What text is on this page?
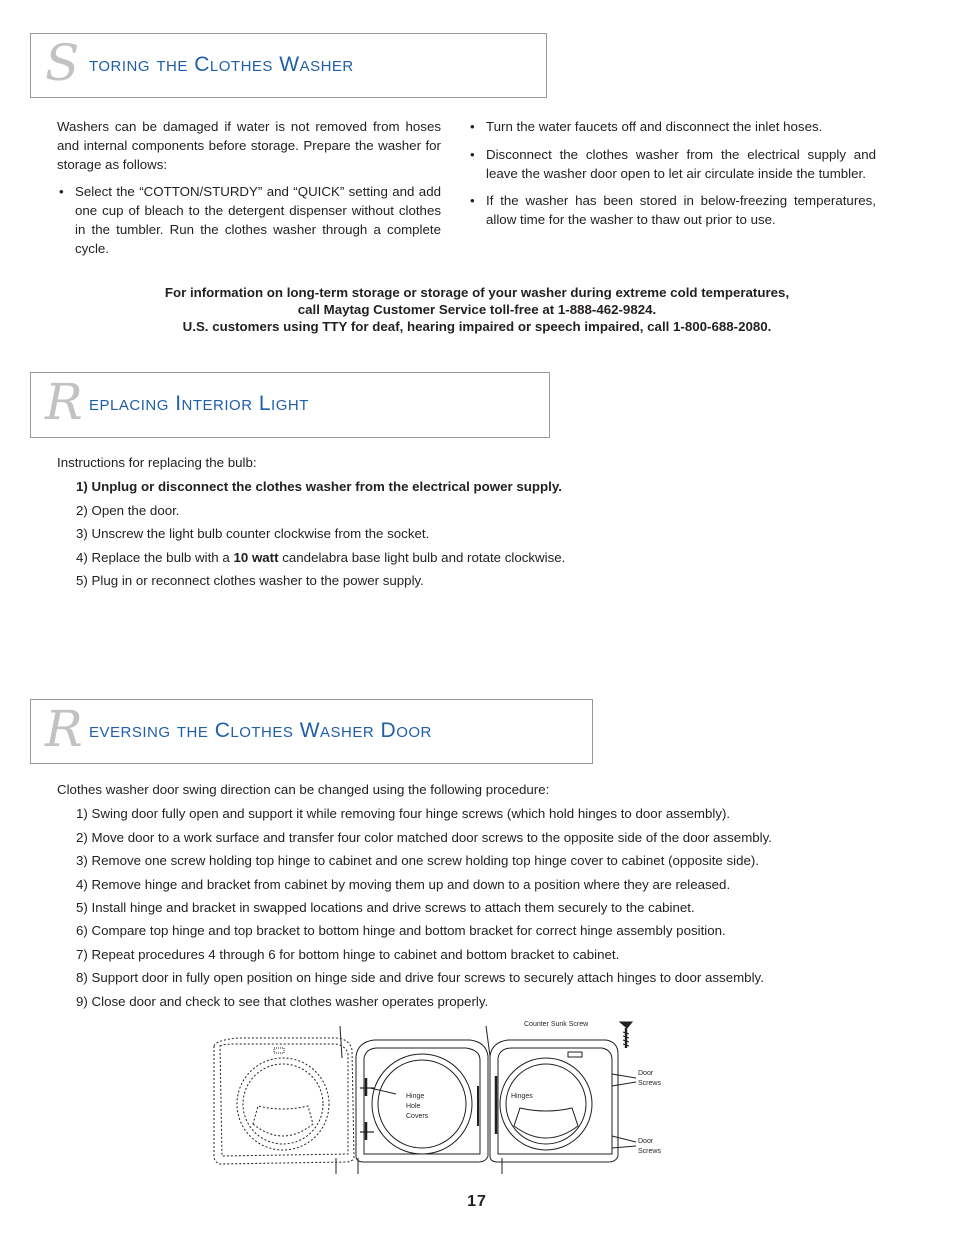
S toring the Clothes Washer

Washers can be damaged if water is not removed from hoses and internal components before storage. Prepare the washer for storage as follows:

• Select the “COTTON/STURDY” and “QUICK” setting and add one cup of bleach to the detergent dispenser without clothes in the tumbler. Run the clothes washer through a complete cycle.
• Turn the water faucets off and disconnect the inlet hoses.
• Disconnect the clothes washer from the electrical supply and leave the washer door open to let air circulate inside the tumbler.
• If the washer has been stored in below-freezing temperatures, allow time for the washer to thaw out prior to use.
For information on long-term storage or storage of your washer during extreme cold temperatures,
call Maytag Customer Service toll-free at 1-888-462-9824.
U.S. customers using TTY for deaf, hearing impaired or speech impaired, call 1-800-688-2080.
R eplacing Interior Light
Instructions for replacing the bulb:
1) Unplug or disconnect the clothes washer from the electrical power supply.
2) Open the door.
3) Unscrew the light bulb counter clockwise from the socket.
4) Replace the bulb with a 10 watt candelabra base light bulb and rotate clockwise.
5) Plug in or reconnect clothes washer to the power supply.
R eversing the Clothes Washer Door
Clothes washer door swing direction can be changed using the following procedure:
1) Swing door fully open and support it while removing four hinge screws (which hold hinges to door assembly).
2) Move door to a work surface and transfer four color matched door screws to the opposite side of the door assembly.
3) Remove one screw holding top hinge to cabinet and one screw holding top hinge cover to cabinet (opposite side).
4) Remove hinge and bracket from cabinet by moving them up and down to a position where they are released.
5) Install hinge and bracket in swapped locations and drive screws to attach them securely to the cabinet.
6) Compare top hinge and top bracket to bottom hinge and bottom bracket for correct hinge assembly position.
7) Repeat procedures 4 through 6 for bottom hinge to cabinet and bottom bracket to cabinet.
8) Support door in fully open position on hinge side and drive four screws to securely attach hinges to door assembly.
9) Close door and check to see that clothes washer operates properly.
Counter Sunk Screw
Hinge
Hole
Covers
Hinges
Door
Screws
Door
Screws
17
